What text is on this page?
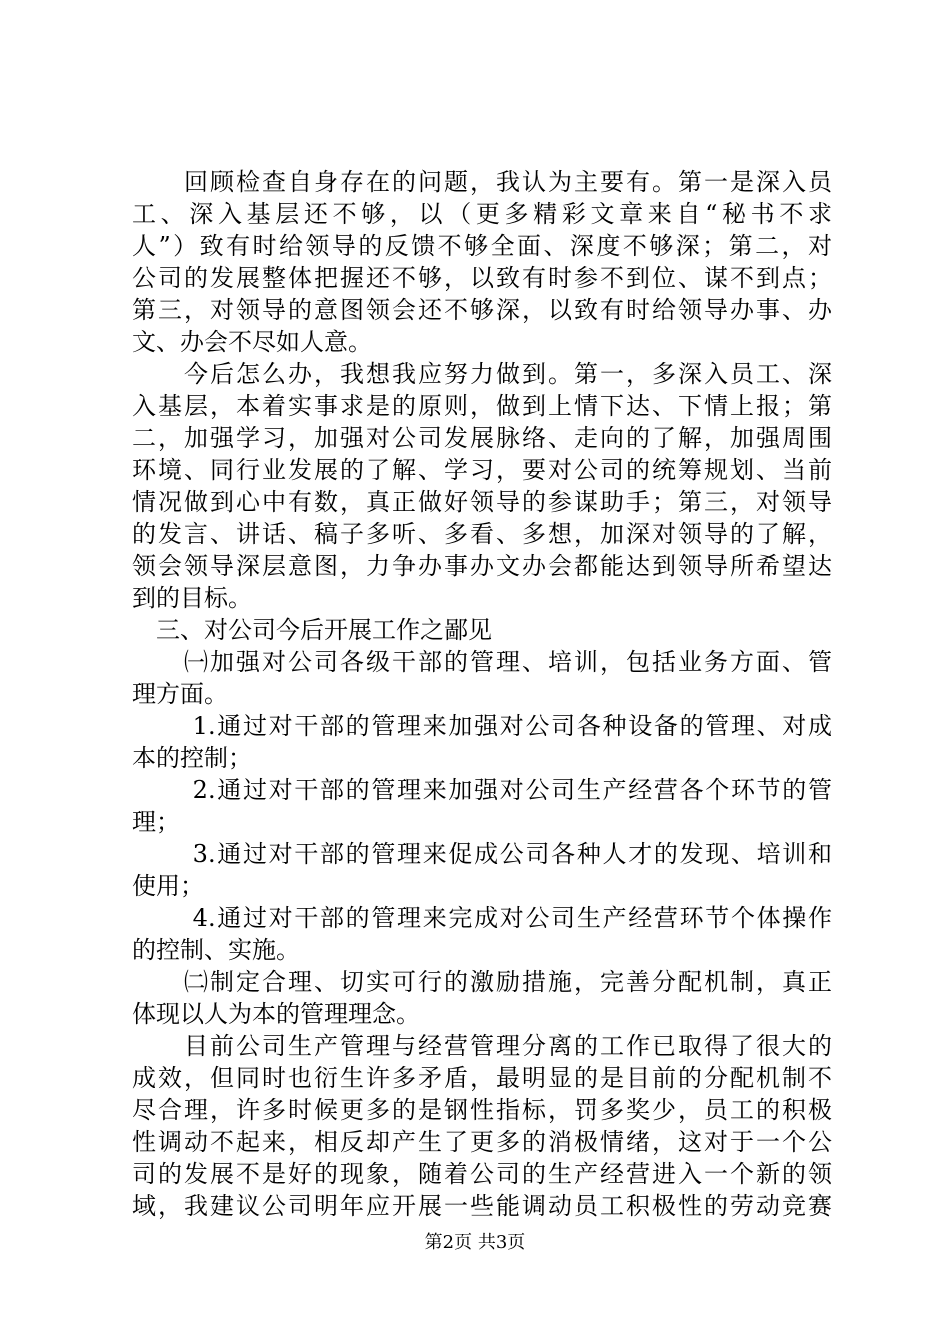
　　回顾检查自身存在的问题，我认为主要有。第一是深入员
工、深入基层还不够，以（更多精彩文章来自“秘书不求
人”）致有时给领导的反馈不够全面、深度不够深；第二，对
公司的发展整体把握还不够，以致有时参不到位、谋不到点；
第三，对领导的意图领会还不够深，以致有时给领导办事、办
文、办会不尽如人意。
　　今后怎么办，我想我应努力做到。第一，多深入员工、深
入基层，本着实事求是的原则，做到上情下达、下情上报；第
二，加强学习，加强对公司发展脉络、走向的了解，加强周围
环境、同行业发展的了解、学习，要对公司的统筹规划、当前
情况做到心中有数，真正做好领导的参谋助手；第三，对领导
的发言、讲话、稿子多听、多看、多想，加深对领导的了解，
领会领导深层意图，力争办事办文办会都能达到领导所希望达
到的目标。
　三、对公司今后开展工作之鄙见
　　㈠加强对公司各级干部的管理、培训，包括业务方面、管
理方面。
　　 1.通过对干部的管理来加强对公司各种设备的管理、对成
本的控制；
　　 2.通过对干部的管理来加强对公司生产经营各个环节的管
理；
　　 3.通过对干部的管理来促成公司各种人才的发现、培训和
使用；
　　 4.通过对干部的管理来完成对公司生产经营环节个体操作
的控制、实施。
　　㈡制定合理、切实可行的激励措施，完善分配机制，真正
体现以人为本的管理理念。
　　目前公司生产管理与经营管理分离的工作已取得了很大的
成效，但同时也衍生许多矛盾，最明显的是目前的分配机制不
尽合理，许多时候更多的是钢性指标，罚多奖少，员工的积极
性调动不起来，相反却产生了更多的消极情绪，这对于一个公
司的发展不是好的现象，随着公司的生产经营进入一个新的领
第2页 共3页
域，我建议公司明年应开展一些能调动员工积极性的劳动竞赛
